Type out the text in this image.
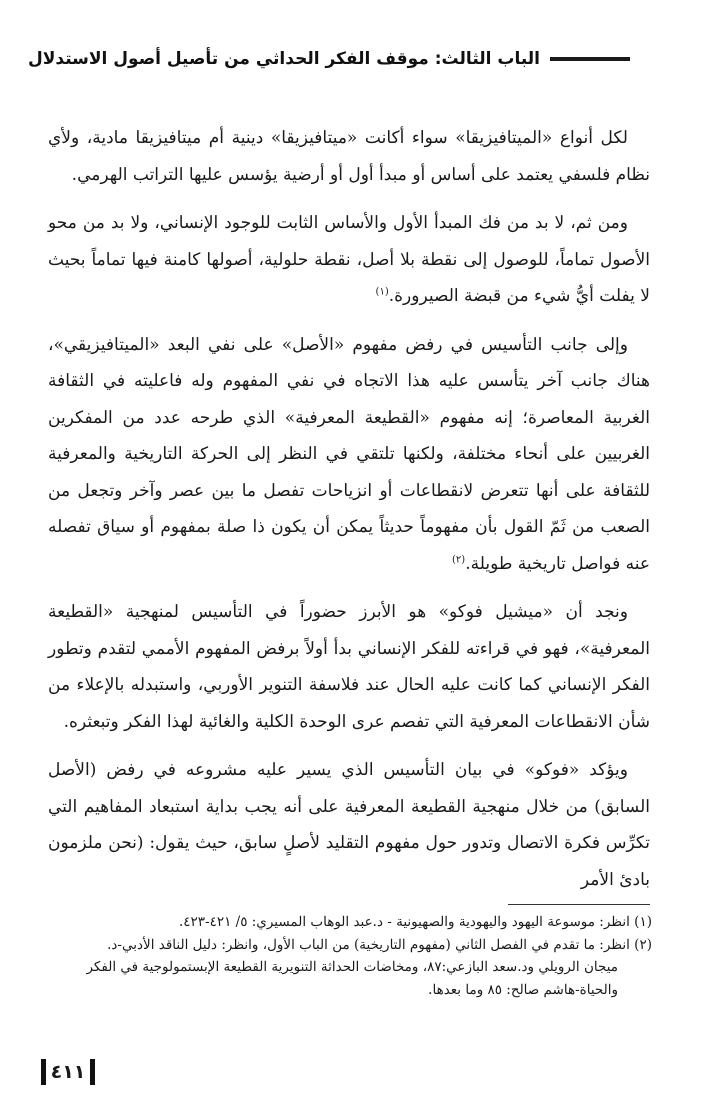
الباب الثالث: موقف الفكر الحداثي من تأصيل أصول الاستدلال

لكل أنواع «الميتافيزيقا» سواء أكانت «ميتافيزيقا» دينية أم ميتافيزيقا مادية، ولأي نظام فلسفي يعتمد على أساس أو مبدأ أول أو أرضية يؤسس عليها التراتب الهرمي.

ومن ثم، لا بد من فك المبدأ الأول والأساس الثابت للوجود الإنساني، ولا بد من محو الأصول تماماً، للوصول إلى نقطة بلا أصل، نقطة حلولية، أصولها كامنة فيها تماماً بحيث لا يفلت أيُّ شيء من قبضة الصيرورة.$^{(١)}$

وإلى جانب التأسيس في رفض مفهوم «الأصل» على نفي البعد «الميتافيزيقي»، هناك جانب آخر يتأسس عليه هذا الاتجاه في نفي المفهوم وله فاعليته في الثقافة الغربية المعاصرة؛ إنه مفهوم «القطيعة المعرفية» الذي طرحه عدد من المفكرين الغربيين على أنحاء مختلفة، ولكنها تلتقي في النظر إلى الحركة التاريخية والمعرفية للثقافة على أنها تتعرض لانقطاعات أو انزياحات تفصل ما بين عصر وآخر وتجعل من الصعب من ثَمّ القول بأن مفهوماً حديثاً يمكن أن يكون ذا صلة بمفهوم أو سياق تفصله عنه فواصل تاريخية طويلة.$^{(٢)}$

ونجد أن «ميشيل فوكو» هو الأبرز حضوراً في التأسيس لمنهجية «القطيعة المعرفية»، فهو في قراءته للفكر الإنساني بدأ أولاً برفض المفهوم الأممي لتقدم وتطور الفكر الإنساني كما كانت عليه الحال عند فلاسفة التنوير الأوربي، واستبدله بالإعلاء من شأن الانقطاعات المعرفية التي تفصم عرى الوحدة الكلية والغائية لهذا الفكر وتبعثره.

ويؤكد «فوكو» في بيان التأسيس الذي يسير عليه مشروعه في رفض (الأصل السابق) من خلال منهجية القطيعة المعرفية على أنه يجب بداية استبعاد المفاهيم التي تكرِّس فكرة الاتصال وتدور حول مفهوم التقليد لأصلٍ سابق، حيث يقول: (نحن ملزمون بادئ الأمر

(١) انظر: موسوعة اليهود واليهودية والصهيونية - د.عبد الوهاب المسيري: ٥/ ٤٢١-٤٢٣.

(٢) انظر: ما تقدم في الفصل الثاني (مفهوم التاريخية) من الباب الأول، وانظر: دليل الناقد الأدبي-د.

ميجان الرويلي ود.سعد البازعي:٨٧، ومخاضات الحداثة التنويرية القطيعة الإبستمولوجية في الفكر والحياة-هاشم صالح: ٨٥ وما بعدها.

٤١١
